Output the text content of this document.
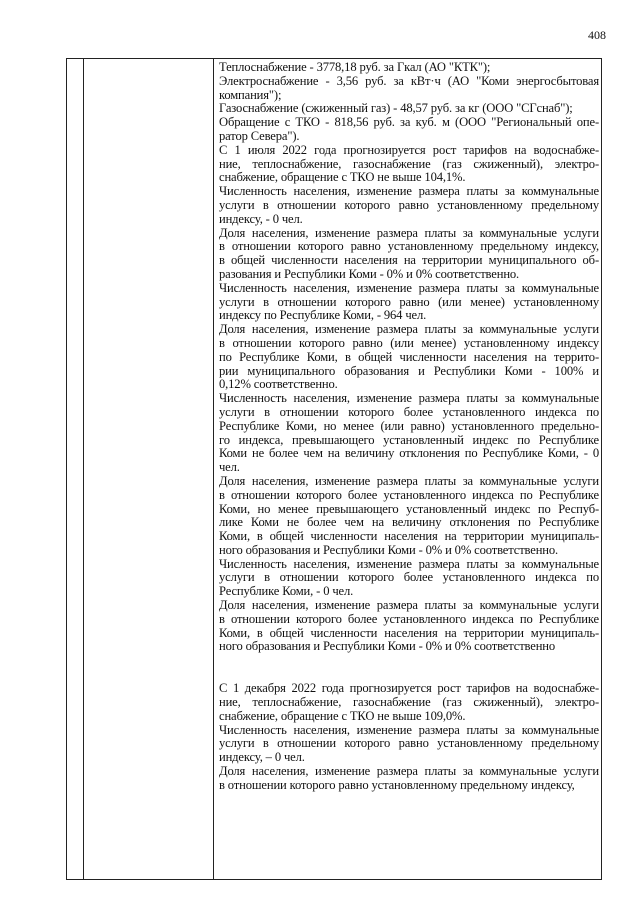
408
Теплоснабжение - 3778,18 руб. за Гкал (АО "КТК");
Электроснабжение - 3,56 руб. за кВт·ч (АО "Коми энергосбытовая
компания");
Газоснабжение (сжиженный газ) - 48,57 руб. за кг (ООО "СГснаб");
Обращение с ТКО - 818,56 руб. за куб. м (ООО "Региональный опе-
ратор Севера").
С 1 июля 2022 года прогнозируется рост тарифов на водоснабже-
ние, теплоснабжение, газоснабжение (газ сжиженный), электро-
снабжение, обращение с ТКО не выше 104,1%.
Численность населения, изменение размера платы за коммунальные
услуги в отношении которого равно установленному предельному
индексу, - 0 чел.
Доля населения, изменение размера платы за коммунальные услуги
в отношении которого равно установленному предельному индексу,
в общей численности населения на территории муниципального об-
разования и Республики Коми - 0% и 0% соответственно.
Численность населения, изменение размера платы за коммунальные
услуги в отношении которого равно (или менее) установленному
индексу по Республике Коми, - 964 чел.
Доля населения, изменение размера платы за коммунальные услуги
в отношении которого равно (или менее) установленному индексу
по Республике Коми, в общей численности населения на террито-
рии муниципального образования и Республики Коми - 100% и
0,12% соответственно.
Численность населения, изменение размера платы за коммунальные
услуги в отношении которого более установленного индекса по
Республике Коми, но менее (или равно) установленного предельно-
го индекса, превышающего установленный индекс по Республике
Коми не более чем на величину отклонения по Республике Коми, - 0
чел.
Доля населения, изменение размера платы за коммунальные услуги
в отношении которого более установленного индекса по Республике
Коми, но менее превышающего установленный индекс по Респуб-
лике Коми не более чем на величину отклонения по Республике
Коми, в общей численности населения на территории муниципаль-
ного образования и Республики Коми - 0% и 0% соответственно.
Численность населения, изменение размера платы за коммунальные
услуги в отношении которого более установленного индекса по
Республике Коми, - 0 чел.
Доля населения, изменение размера платы за коммунальные услуги
в отношении которого более установленного индекса по Республике
Коми, в общей численности населения на территории муниципаль-
ного образования и Республики Коми - 0% и 0% соответственно
С 1 декабря 2022 года прогнозируется рост тарифов на водоснабже-
ние, теплоснабжение, газоснабжение (газ сжиженный), электро-
снабжение, обращение с ТКО не выше 109,0%.
Численность населения, изменение размера платы за коммунальные
услуги в отношении которого равно установленному предельному
индексу, – 0 чел.
Доля населения, изменение размера платы за коммунальные услуги
в отношении которого равно установленному предельному индексу,
